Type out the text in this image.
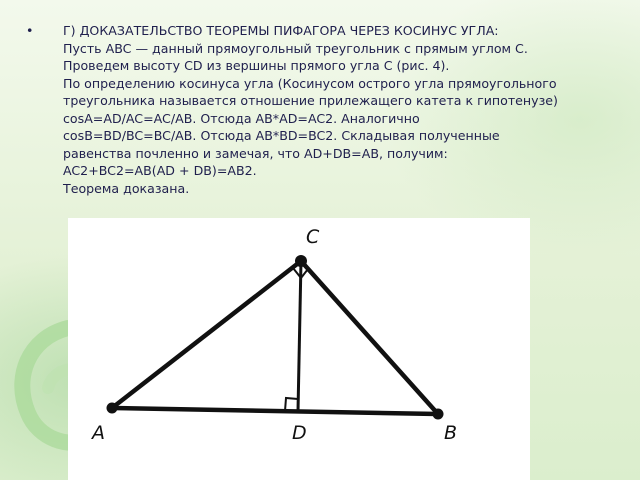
• Г) ДОКАЗАТЕЛЬСТВО ТЕОРЕМЫ ПИФАГОРА ЧЕРЕЗ КОСИНУС УГЛА:
Пусть ABC — данный прямоугольный треугольник с прямым углом C.
Проведем высоту CD из вершины прямого угла C (рис. 4).
По определению косинуса угла (Косинусом острого угла прямоугольного
треугольника называется отношение прилежащего катета к гипотенузе)
cosA=AD/AC=AC/AB. Отсюда AB*AD=AC2. Аналогично
cosB=BD/BC=BC/AB. Отсюда AB*BD=BC2. Складывая полученные
равенства почленно и замечая, что AD+DB=AB, получим:
AC2+BC2=AB(AD + DB)=AB2.
Теорема доказана.
C
A	D	B
